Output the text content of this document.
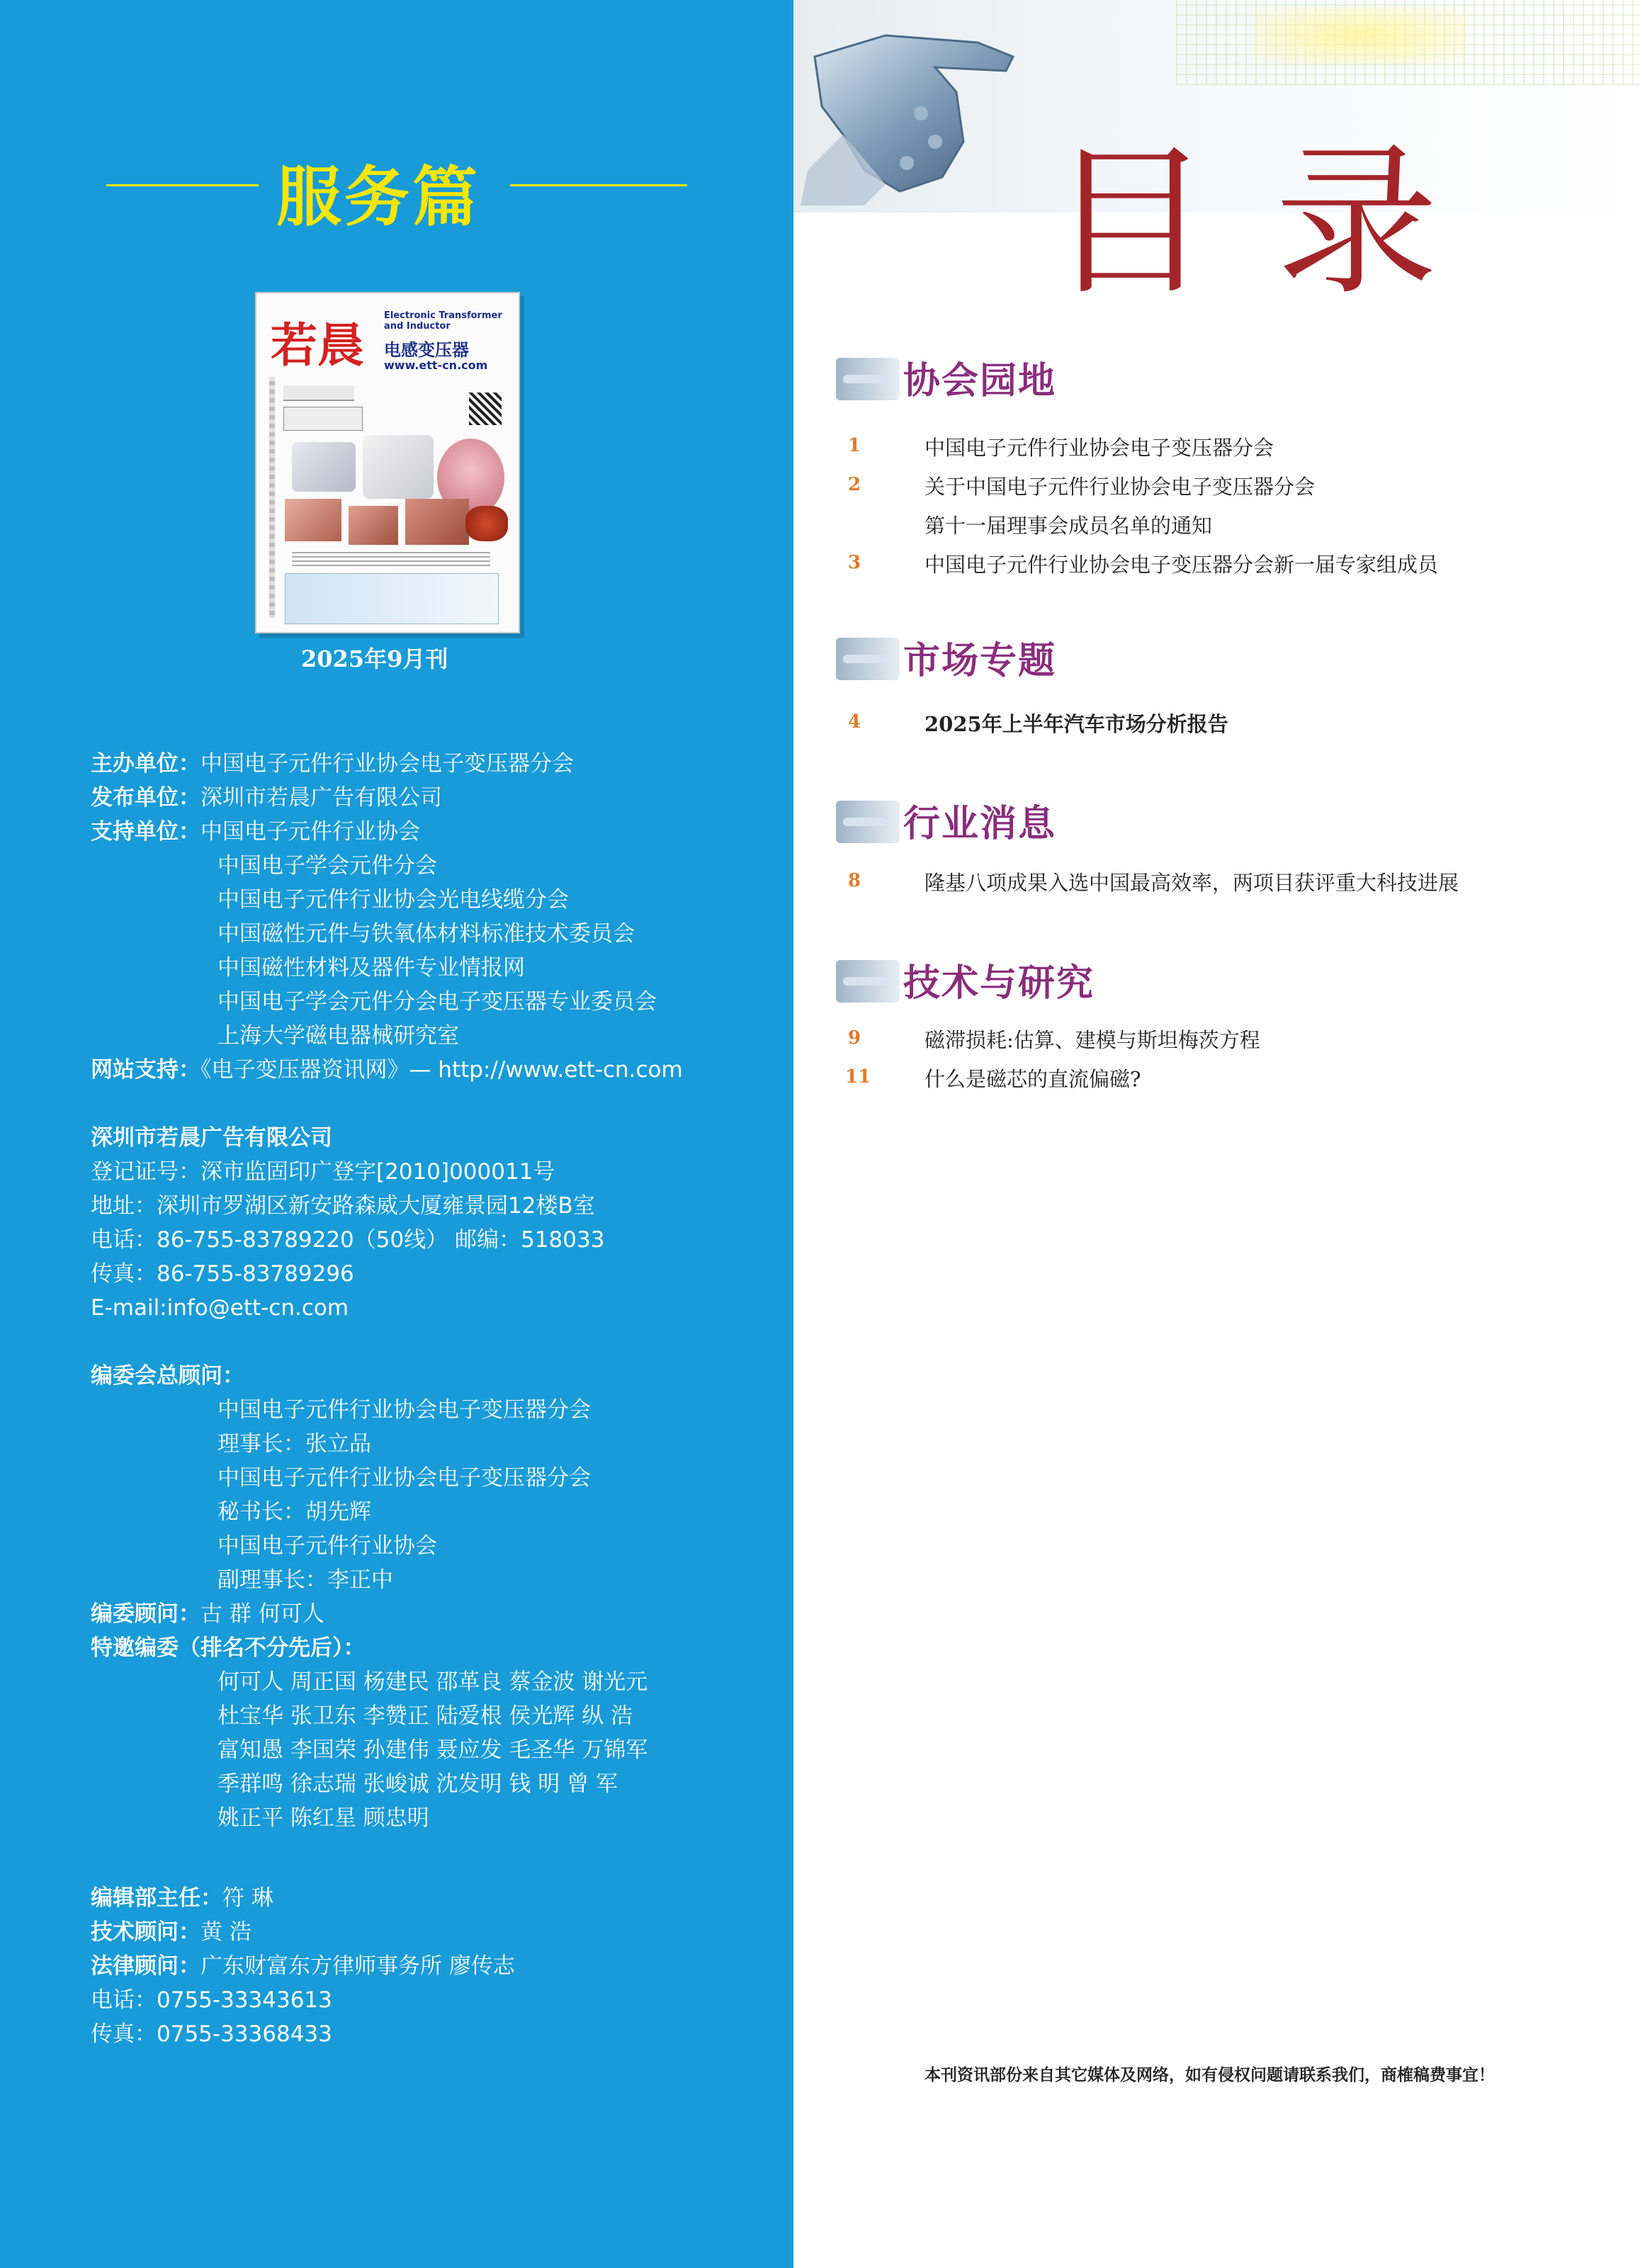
服务篇
若晨
Electronic Transformer and Inductor
电感变压器
www.ett-cn.com
2025年9月刊
主办单位：中国电子元件行业协会电子变压器分会
发布单位：深圳市若晨广告有限公司
支持单位：中国电子元件行业协会
中国电子学会元件分会
中国电子元件行业协会光电线缆分会
中国磁性元件与铁氧体材料标准技术委员会
中国磁性材料及器件专业情报网
中国电子学会元件分会电子变压器专业委员会
上海大学磁电器械研究室
网站支持：《电子变压器资讯网》— http://www.ett-cn.com
深圳市若晨广告有限公司
登记证号：深市监固印广登字[2010]000011号
地址：深圳市罗湖区新安路森威大厦雍景园12楼B室
电话：86-755-83789220（50线） 邮编：518033
传真：86-755-83789296
E-mail:info@ett-cn.com
编委会总顾问：
中国电子元件行业协会电子变压器分会
理事长：张立品
中国电子元件行业协会电子变压器分会
秘书长：胡先辉
中国电子元件行业协会
副理事长：李正中
编委顾问：古 群 何可人
特邀编委（排名不分先后）：
何可人 周正国 杨建民 邵革良 蔡金波 谢光元
杜宝华 张卫东 李赞正 陆爱根 侯光辉 纵 浩
富知愚 李国荣 孙建伟 聂应发 毛圣华 万锦军
季群鸣 徐志瑞 张峻诚 沈发明 钱 明 曾 军
姚正平 陈红星 顾忠明
编辑部主任：符 琳
技术顾问：黄 浩
法律顾问：广东财富东方律师事务所 廖传志
电话：0755-33343613
传真：0755-33368433
目录
协会园地
1	中国电子元件行业协会电子变压器分会
2	关于中国电子元件行业协会电子变压器分会
第十一届理事会成员名单的通知
3	中国电子元件行业协会电子变压器分会新一届专家组成员
市场专题
4	2025年上半年汽车市场分析报告
行业消息
8	隆基八项成果入选中国最高效率，两项目获评重大科技进展
技术与研究
9	磁滞损耗:估算、建模与斯坦梅茨方程
11	什么是磁芯的直流偏磁?
本刊资讯部份来自其它媒体及网络，如有侵权问题请联系我们，商榷稿费事宜！
